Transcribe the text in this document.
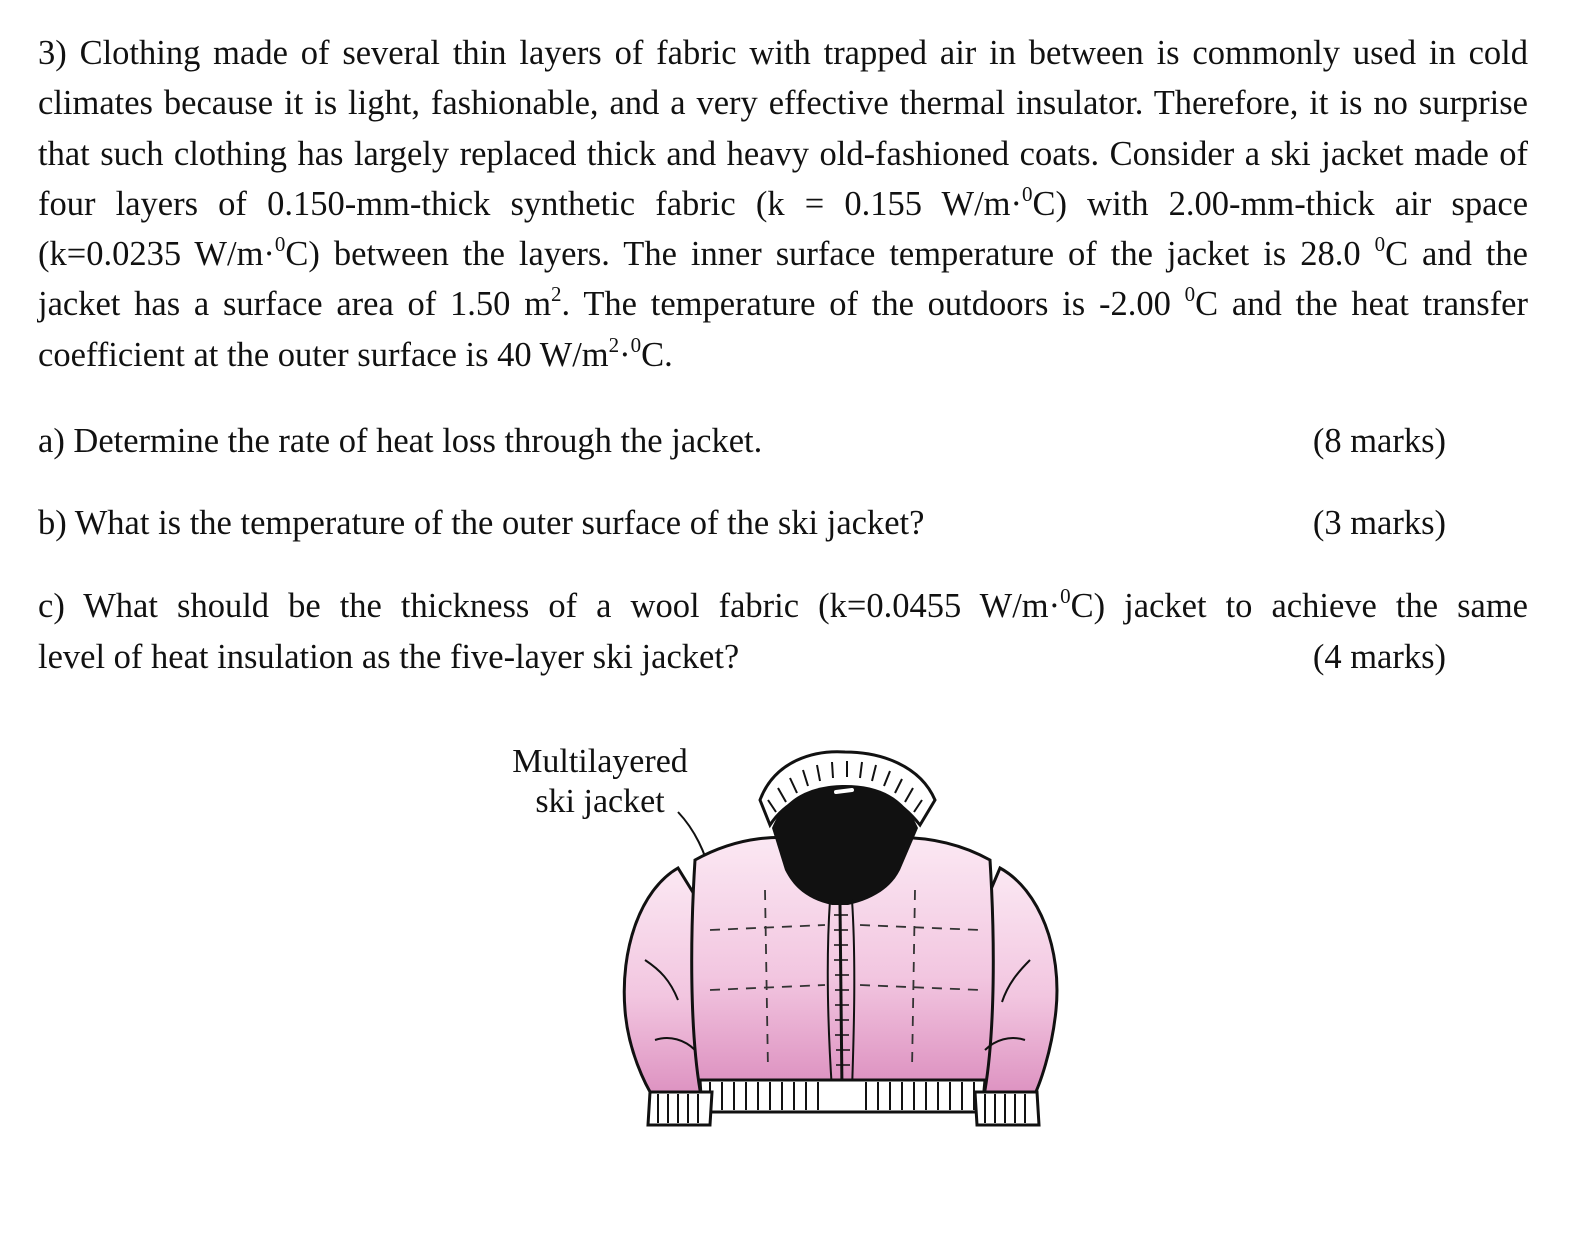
3) Clothing made of several thin layers of fabric with trapped air in between is commonly used in cold climates because it is light, fashionable, and a very effective thermal insulator. Therefore, it is no surprise that such clothing has largely replaced thick and heavy old-fashioned coats. Consider a ski jacket made of four layers of 0.150-mm-thick synthetic fabric (k = 0.155 W/m·$^0$C) with 2.00-mm-thick air space (k=0.0235 W/m·$^0$C) between the layers. The inner surface temperature of the jacket is 28.0 $^0$C and the jacket has a surface area of 1.50 $m^2$. The temperature of the outdoors is -2.00 $^0$C and the heat transfer coefficient at the outer surface is 40 $W/m^2\cdot^0C$.
a) Determine the rate of heat loss through the jacket.	(8 marks)
b) What is the temperature of the outer surface of the ski jacket?	(3 marks)
c) What should be the thickness of a wool fabric (k=0.0455 W/m·$^0$C) jacket to achieve the same
level of heat insulation as the five-layer ski jacket?	(4 marks)
Multilayered
ski jacket
